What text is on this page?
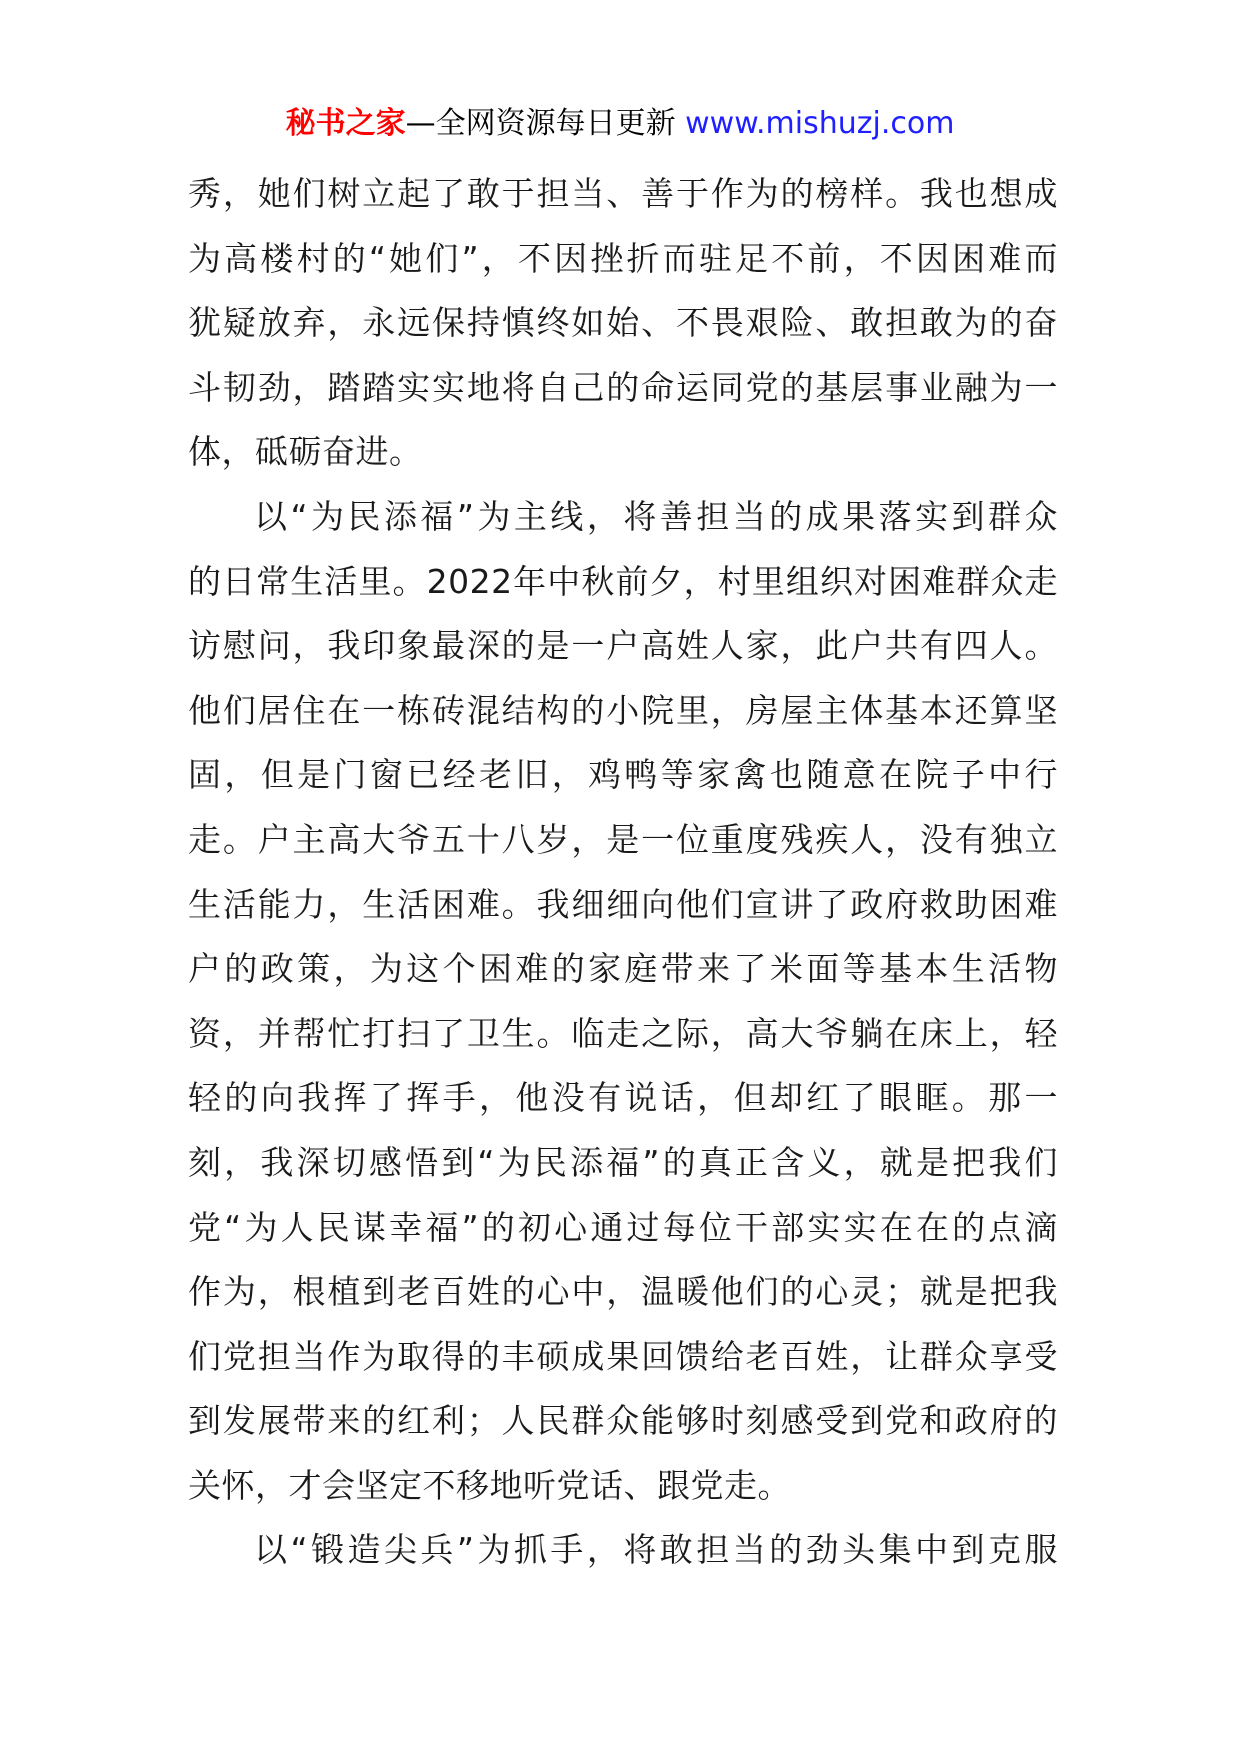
秘书之家—全网资源每日更新 www.mishuzj.com
秀，她们树立起了敢于担当、善于作为的榜样。我也想成
为高楼村的“她们”，不因挫折而驻足不前，不因困难而
犹疑放弃，永远保持慎终如始、不畏艰险、敢担敢为的奋
斗韧劲，踏踏实实地将自己的命运同党的基层事业融为一
体，砥砺奋进。
以“为民添福”为主线，将善担当的成果落实到群众
的日常生活里。2022年中秋前夕，村里组织对困难群众走
访慰问，我印象最深的是一户高姓人家，此户共有四人。
他们居住在一栋砖混结构的小院里，房屋主体基本还算坚
固，但是门窗已经老旧，鸡鸭等家禽也随意在院子中行
走。户主高大爷五十八岁，是一位重度残疾人，没有独立
生活能力，生活困难。我细细向他们宣讲了政府救助困难
户的政策，为这个困难的家庭带来了米面等基本生活物
资，并帮忙打扫了卫生。临走之际，高大爷躺在床上，轻
轻的向我挥了挥手，他没有说话，但却红了眼眶。那一
刻，我深切感悟到“为民添福”的真正含义，就是把我们
党“为人民谋幸福”的初心通过每位干部实实在在的点滴
作为，根植到老百姓的心中，温暖他们的心灵；就是把我
们党担当作为取得的丰硕成果回馈给老百姓，让群众享受
到发展带来的红利；人民群众能够时刻感受到党和政府的
关怀，才会坚定不移地听党话、跟党走。
以“锻造尖兵”为抓手，将敢担当的劲头集中到克服
